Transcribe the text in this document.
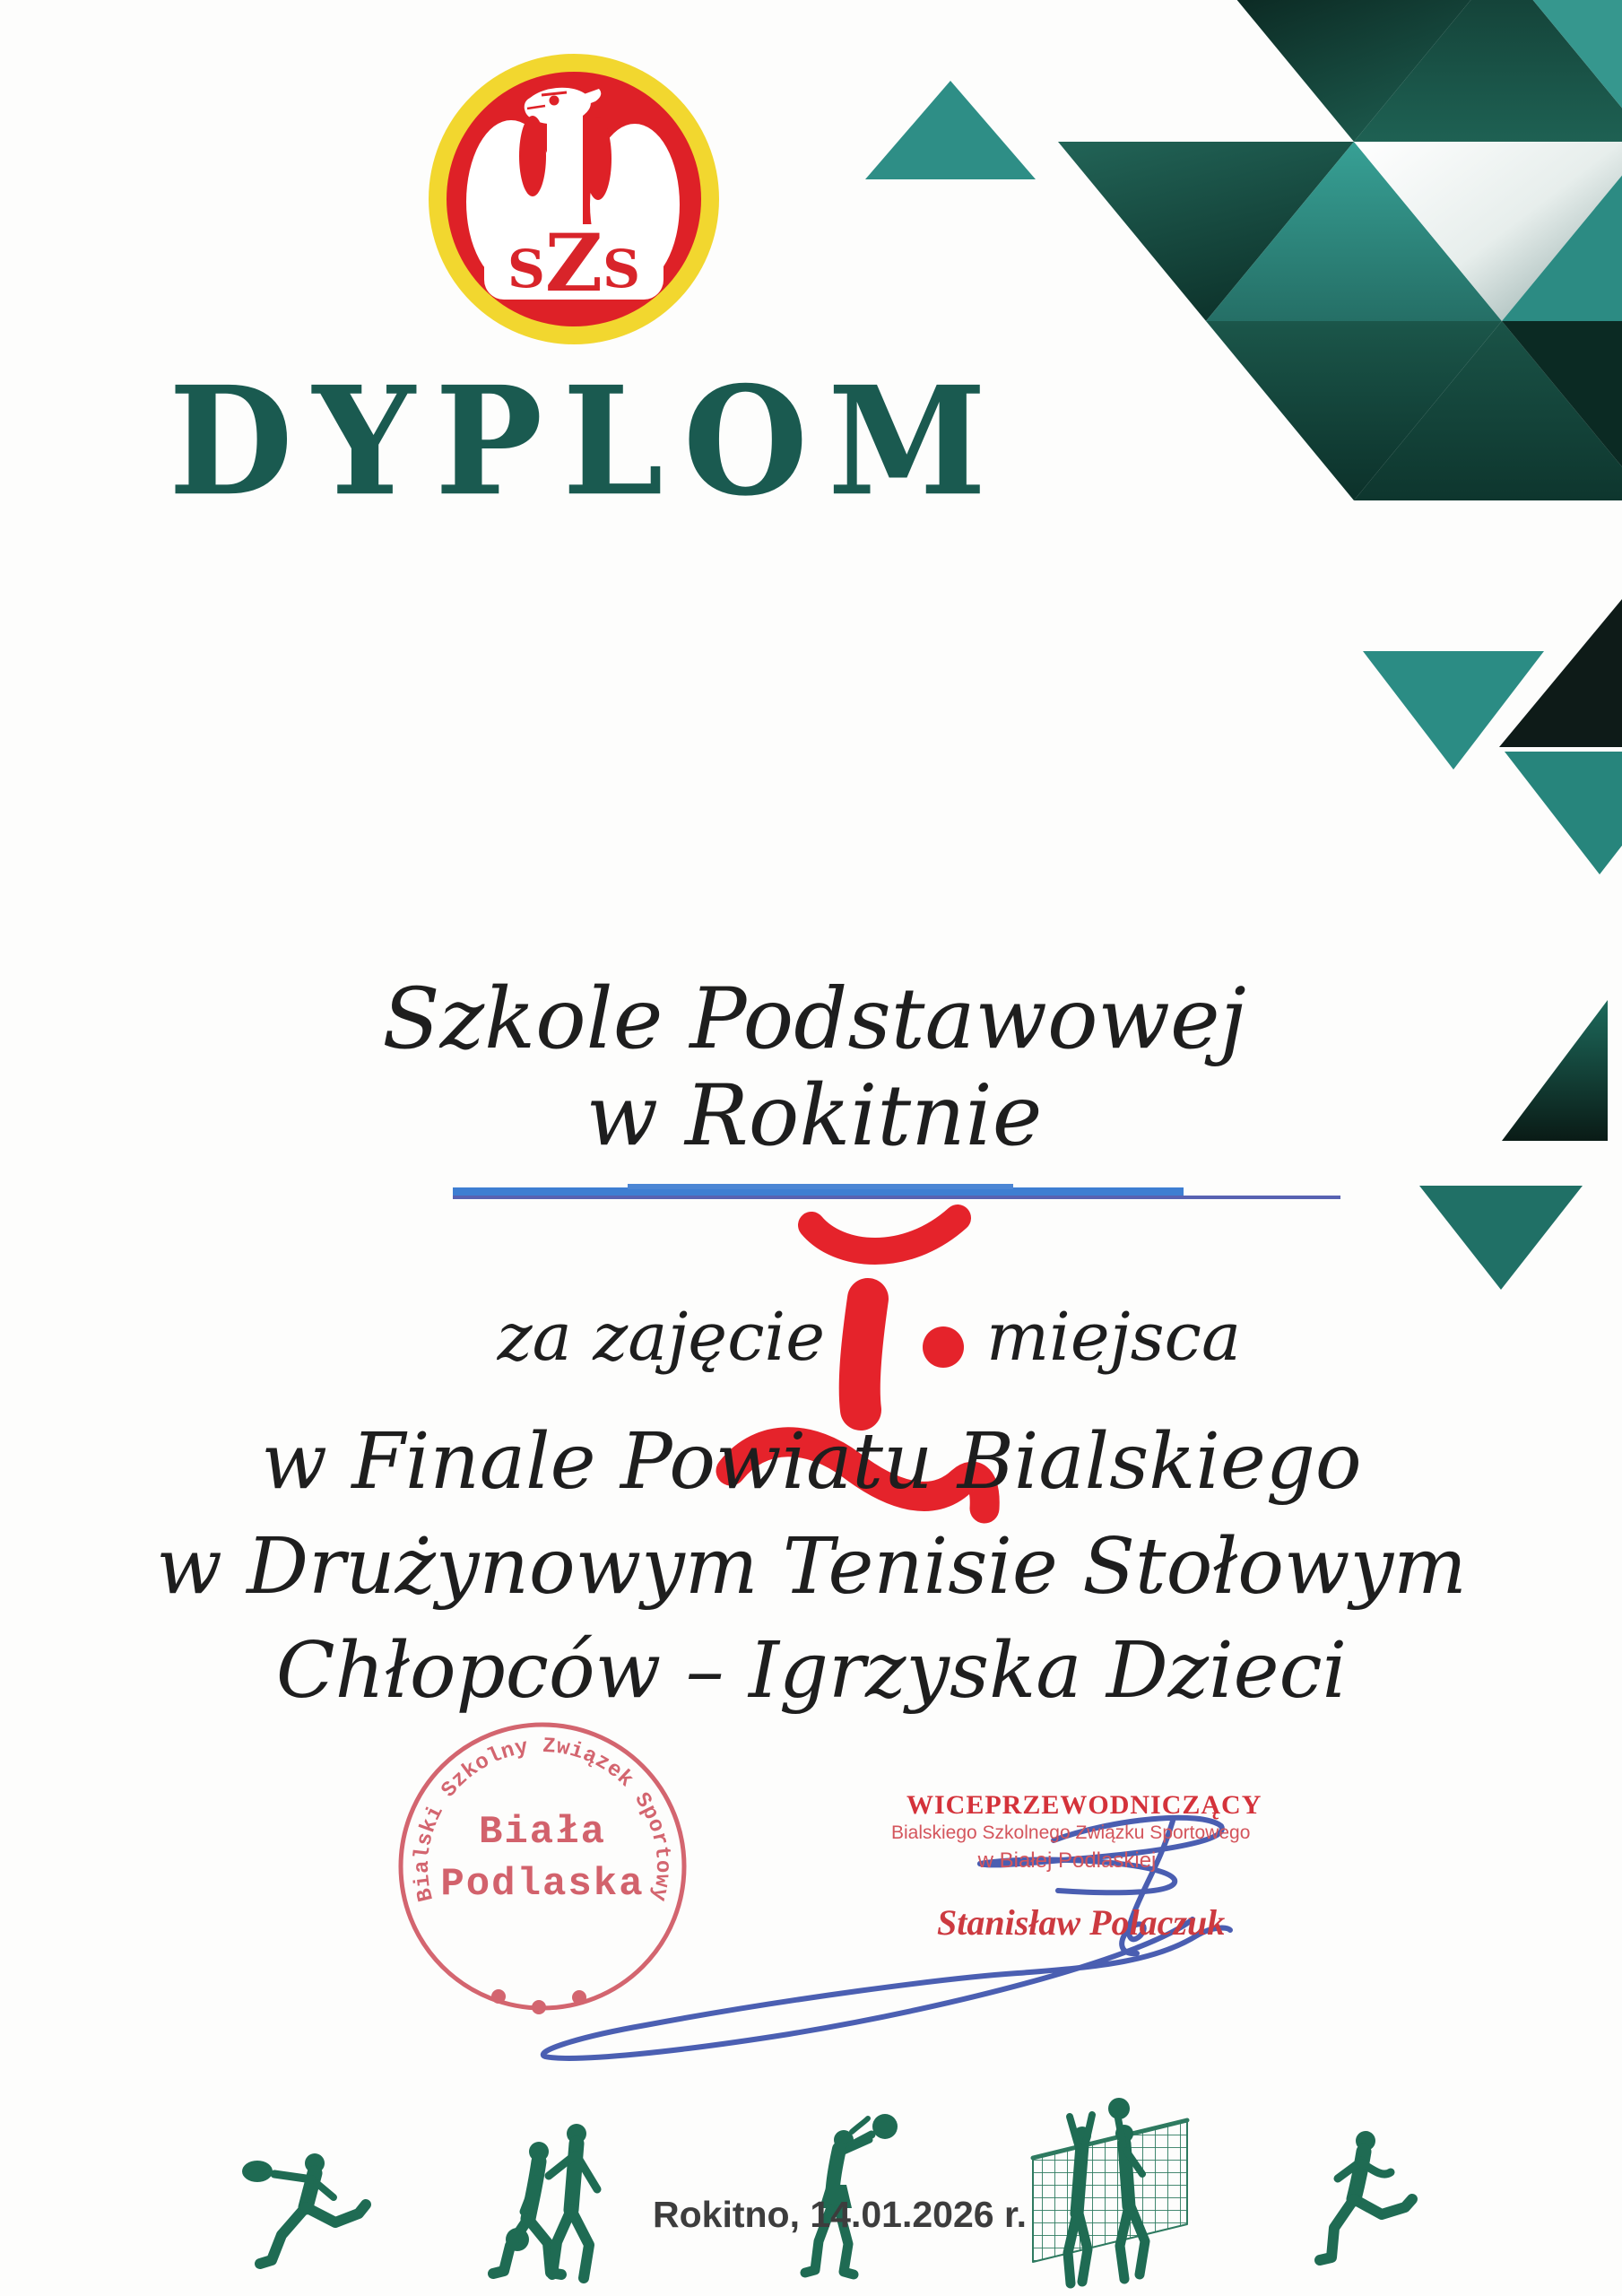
SZS
Bialski Szkolny Związek Sportowy
DYPLOM
Szkole Podstawowej
w Rokitnie
za zajęcie miejsca
w Finale Powiatu Bialskiego
w Drużynowym Tenisie Stołowym
Chłopców – Igrzyska Dzieci
Biała
Podlaska
WICEPRZEWODNICZĄCY
Bialskiego Szkolnego Związku Sportowego
w Białej Podlaskiej
Stanisław Polaczuk
Rokitno, 14.01.2026 r.
